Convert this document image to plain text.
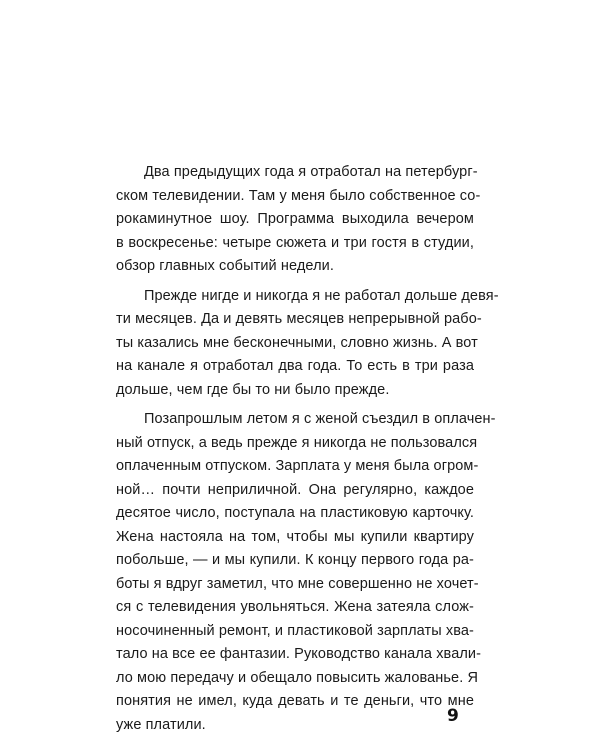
Два предыдущих года я отработал на петербург-
ском телевидении. Там у меня было собственное со-
рокаминутное шоу. Программа выходила вечером
в воскресенье: четыре сюжета и три гостя в студии,
обзор главных событий недели.
Прежде нигде и никогда я не работал дольше девя-
ти месяцев. Да и девять месяцев непрерывной рабо-
ты казались мне бесконечными, словно жизнь. А вот
на канале я отработал два года. То есть в три раза
дольше, чем где бы то ни было прежде.
Позапрошлым летом я с женой съездил в оплачен-
ный отпуск, а ведь прежде я никогда не пользовался
оплаченным отпуском. Зарплата у меня была огром-
ной… почти неприличной. Она регулярно, каждое
десятое число, поступала на пластиковую карточку.
Жена настояла на том, чтобы мы купили квартиру
побольше, — и мы купили. К концу первого года ра-
боты я вдруг заметил, что мне совершенно не хочет-
ся с телевидения увольняться. Жена затеяла слож-
носочиненный ремонт, и пластиковой зарплаты хва-
тало на все ее фантазии. Руководство канала хвали-
ло мою передачу и обещало повысить жалованье. Я
понятия не имел, куда девать и те деньги, что мне
уже платили.	9
